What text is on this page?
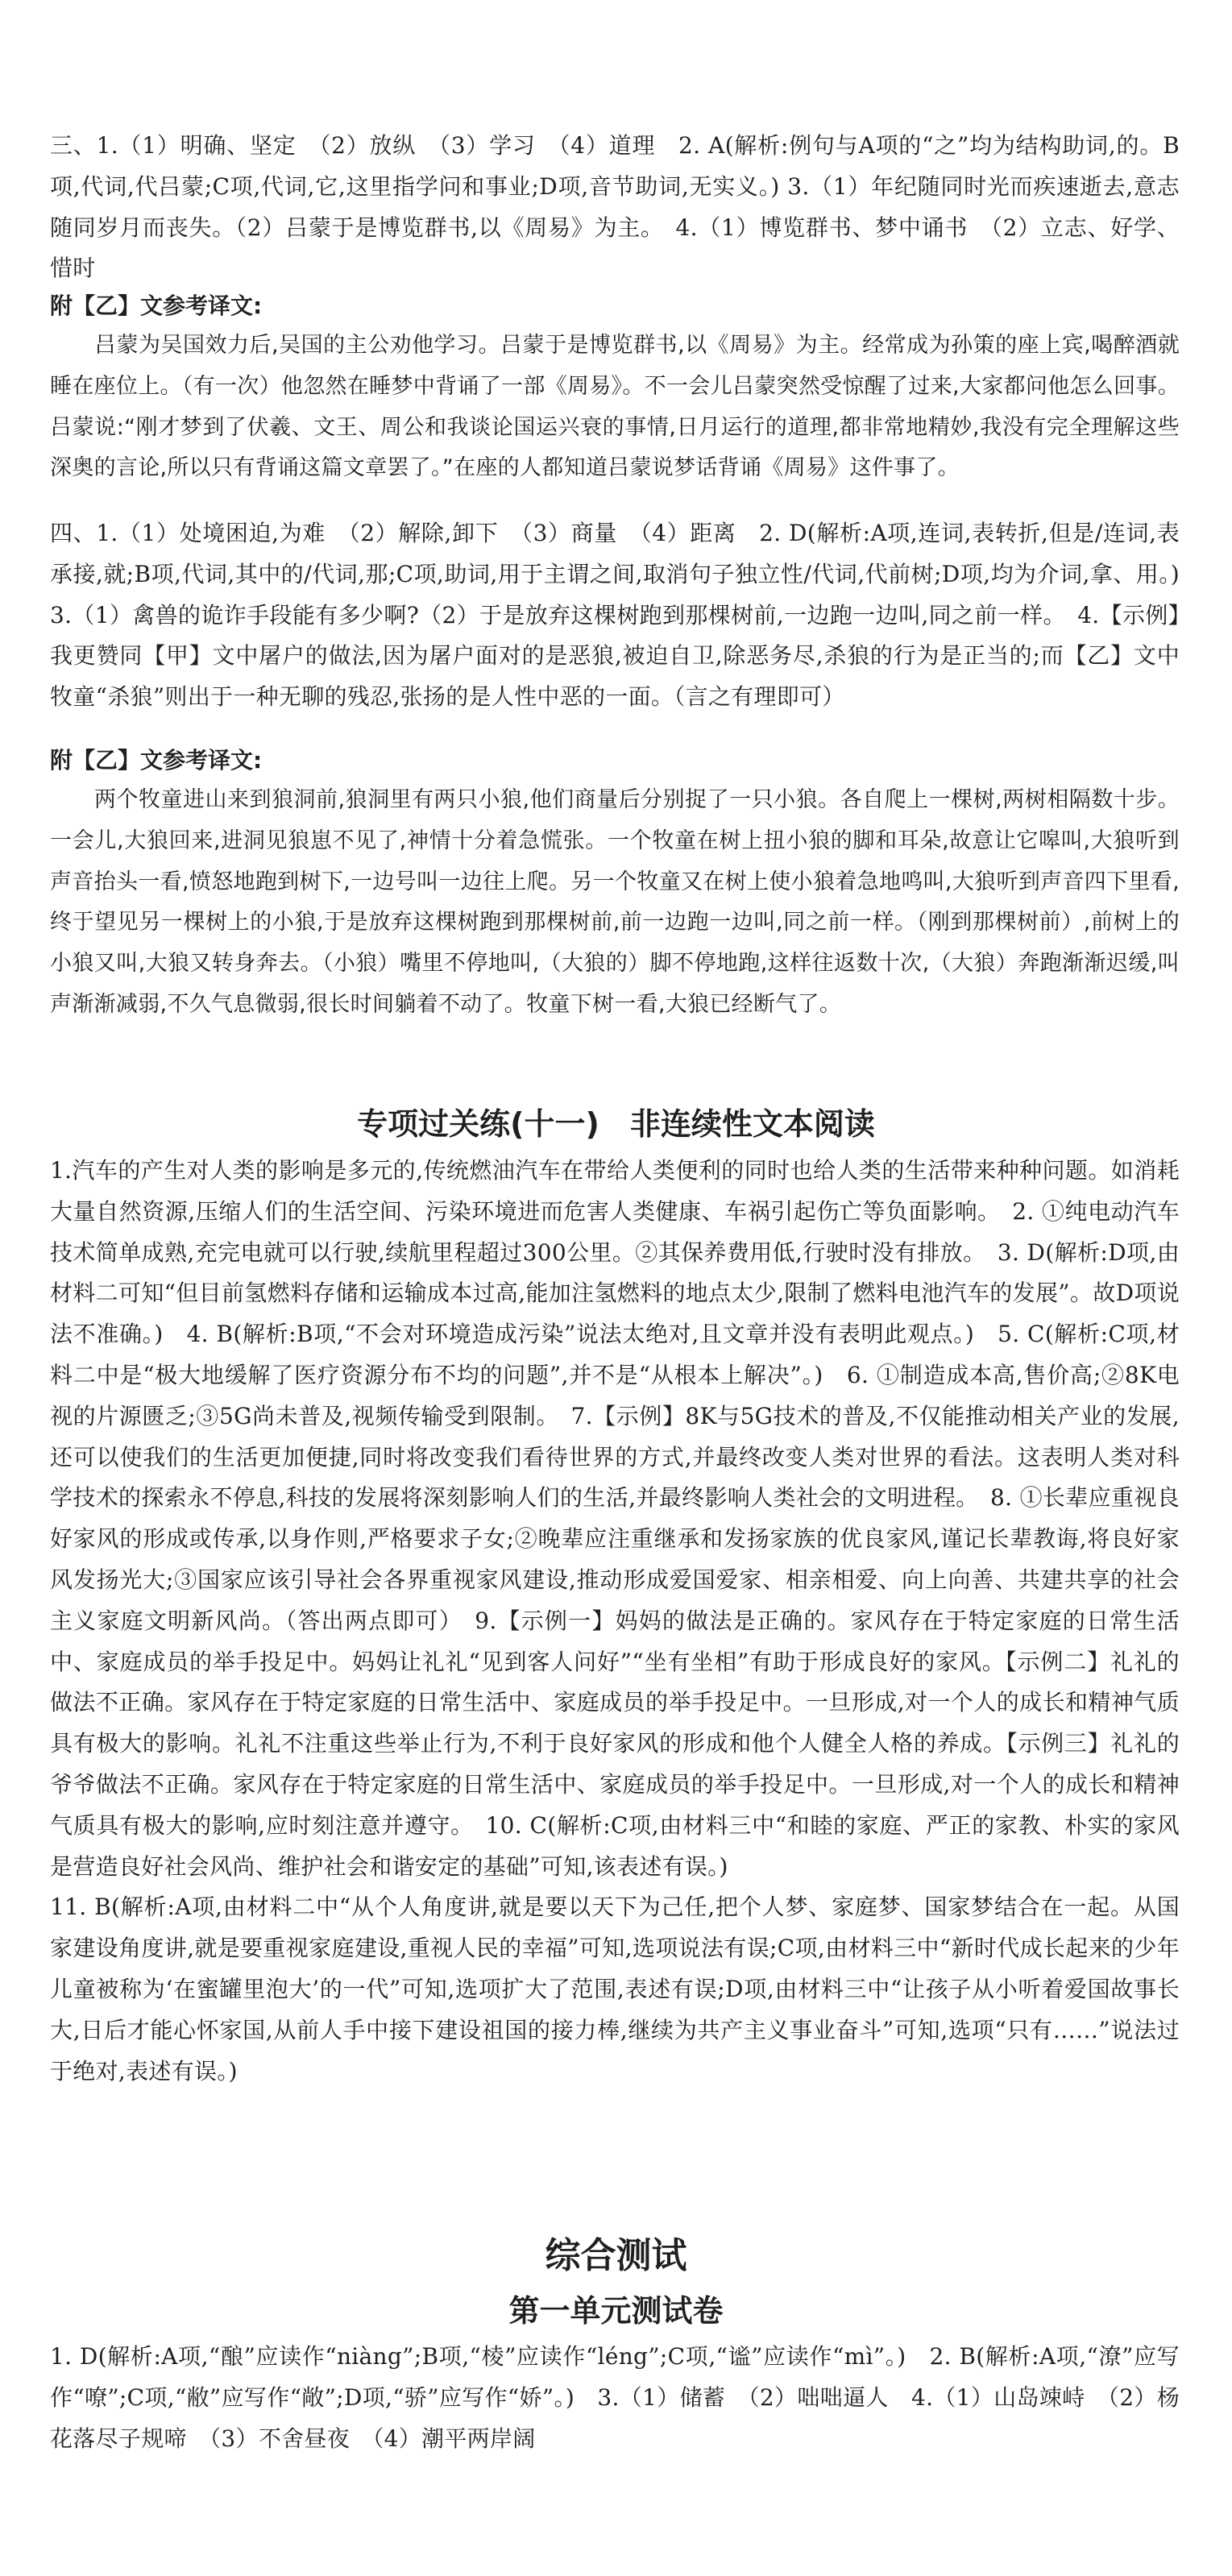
三、1.（1）明确、坚定　（2）放纵　（3）学习　（4）道理　2. A(解析:例句与A项的“之”均为结构助词,的。B项,代词,代吕蒙;C项,代词,它,这里指学问和事业;D项,音节助词,无实义。) 3.（1）年纪随同时光而疾速逝去,意志随同岁月而丧失。（2）吕蒙于是博览群书,以《周易》为主。　4.（1）博览群书、梦中诵书　（2）立志、好学、惜时

附【乙】文参考译文:

　　吕蒙为吴国效力后,吴国的主公劝他学习。吕蒙于是博览群书,以《周易》为主。经常成为孙策的座上宾,喝醉酒就睡在座位上。（有一次）他忽然在睡梦中背诵了一部《周易》。不一会儿吕蒙突然受惊醒了过来,大家都问他怎么回事。吕蒙说:“刚才梦到了伏羲、文王、周公和我谈论国运兴衰的事情,日月运行的道理,都非常地精妙,我没有完全理解这些深奥的言论,所以只有背诵这篇文章罢了。”在座的人都知道吕蒙说梦话背诵《周易》这件事了。

四、1.（1）处境困迫,为难　（2）解除,卸下　（3）商量　（4）距离　2. D(解析:A项,连词,表转折,但是/连词,表承接,就;B项,代词,其中的/代词,那;C项,助词,用于主谓之间,取消句子独立性/代词,代前树;D项,均为介词,拿、用。)　3.（1）禽兽的诡诈手段能有多少啊?（2）于是放弃这棵树跑到那棵树前,一边跑一边叫,同之前一样。　4.【示例】我更赞同【甲】文中屠户的做法,因为屠户面对的是恶狼,被迫自卫,除恶务尽,杀狼的行为是正当的;而【乙】文中牧童“杀狼”则出于一种无聊的残忍,张扬的是人性中恶的一面。（言之有理即可）

附【乙】文参考译文:

　　两个牧童进山来到狼洞前,狼洞里有两只小狼,他们商量后分别捉了一只小狼。各自爬上一棵树,两树相隔数十步。一会儿,大狼回来,进洞见狼崽不见了,神情十分着急慌张。一个牧童在树上扭小狼的脚和耳朵,故意让它嗥叫,大狼听到声音抬头一看,愤怒地跑到树下,一边号叫一边往上爬。另一个牧童又在树上使小狼着急地鸣叫,大狼听到声音四下里看,终于望见另一棵树上的小狼,于是放弃这棵树跑到那棵树前,前一边跑一边叫,同之前一样。（刚到那棵树前）,前树上的小狼又叫,大狼又转身奔去。（小狼）嘴里不停地叫,（大狼的）脚不停地跑,这样往返数十次,（大狼）奔跑渐渐迟缓,叫声渐渐减弱,不久气息微弱,很长时间躺着不动了。牧童下树一看,大狼已经断气了。

专项过关练(十一)　非连续性文本阅读

1.汽车的产生对人类的影响是多元的,传统燃油汽车在带给人类便利的同时也给人类的生活带来种种问题。如消耗大量自然资源,压缩人们的生活空间、污染环境进而危害人类健康、车祸引起伤亡等负面影响。　2. ①纯电动汽车技术简单成熟,充完电就可以行驶,续航里程超过300公里。②其保养费用低,行驶时没有排放。　3. D(解析:D项,由材料二可知“但目前氢燃料存储和运输成本过高,能加注氢燃料的地点太少,限制了燃料电池汽车的发展”。故D项说法不准确。)　4. B(解析:B项,“不会对环境造成污染”说法太绝对,且文章并没有表明此观点。)　5. C(解析:C项,材料二中是“极大地缓解了医疗资源分布不均的问题”,并不是“从根本上解决”。)　6. ①制造成本高,售价高;②8K电视的片源匮乏;③5G尚未普及,视频传输受到限制。　7.【示例】8K与5G技术的普及,不仅能推动相关产业的发展,还可以使我们的生活更加便捷,同时将改变我们看待世界的方式,并最终改变人类对世界的看法。这表明人类对科学技术的探索永不停息,科技的发展将深刻影响人们的生活,并最终影响人类社会的文明进程。　8. ①长辈应重视良好家风的形成或传承,以身作则,严格要求子女;②晚辈应注重继承和发扬家族的优良家风,谨记长辈教诲,将良好家风发扬光大;③国家应该引导社会各界重视家风建设,推动形成爱国爱家、相亲相爱、向上向善、共建共享的社会主义家庭文明新风尚。（答出两点即可）　9.【示例一】妈妈的做法是正确的。家风存在于特定家庭的日常生活中、家庭成员的举手投足中。妈妈让礼礼“见到客人问好”“坐有坐相”有助于形成良好的家风。【示例二】礼礼的做法不正确。家风存在于特定家庭的日常生活中、家庭成员的举手投足中。一旦形成,对一个人的成长和精神气质具有极大的影响。礼礼不注重这些举止行为,不利于良好家风的形成和他个人健全人格的养成。【示例三】礼礼的爷爷做法不正确。家风存在于特定家庭的日常生活中、家庭成员的举手投足中。一旦形成,对一个人的成长和精神气质具有极大的影响,应时刻注意并遵守。　10. C(解析:C项,由材料三中“和睦的家庭、严正的家教、朴实的家风是营造良好社会风尚、维护社会和谐安定的基础”可知,该表述有误。)
11. B(解析:A项,由材料二中“从个人角度讲,就是要以天下为己任,把个人梦、家庭梦、国家梦结合在一起。从国家建设角度讲,就是要重视家庭建设,重视人民的幸福”可知,选项说法有误;C项,由材料三中“新时代成长起来的少年儿童被称为‘在蜜罐里泡大’的一代”可知,选项扩大了范围,表述有误;D项,由材料三中“让孩子从小听着爱国故事长大,日后才能心怀家国,从前人手中接下建设祖国的接力棒,继续为共产主义事业奋斗”可知,选项“只有……”说法过于绝对,表述有误。)

综合测试

第一单元测试卷

1. D(解析:A项,“酿”应读作“niàng”;B项,“棱”应读作“léng”;C项,“谧”应读作“mì”。)　2. B(解析:A项,“潦”应写作“嘹”;C项,“敝”应写作“敞”;D项,“骄”应写作“娇”。)　3.（1）储蓄　（2）咄咄逼人　4.（1）山岛竦峙　（2）杨花落尽子规啼　（3）不舍昼夜　（4）潮平两岸阔
